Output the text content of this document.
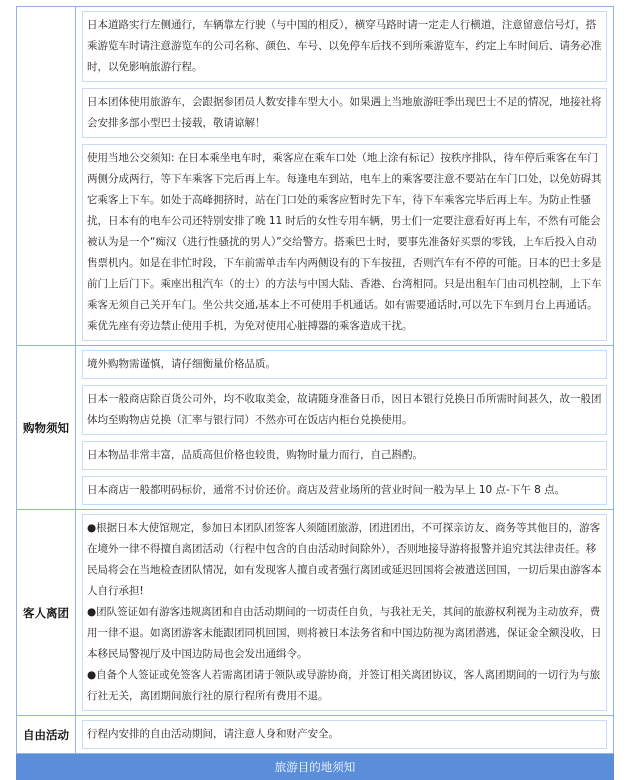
	日本道路实行左侧通行，车辆靠左行驶（与中国的相反），横穿马路时请一定走人行横道，注意留意信号灯，搭乘游览车时请注意游览车的公司名称、颜色、车号、以免停车后找不到所乘游览车，约定上车时间后、请务必准时，以免影响旅游行程。

日本团体使用旅游车，会跟据参团员人数安排车型大小。如果遇上当地旅游旺季出现巴士不足的情况，地接社将会安排多部小型巴士接载，敬请谅解！

使用当地公交须知: 在日本乘坐电车时，乘客应在乘车口处（地上涂有标记）按秩序排队，待车停后乘客在车门两侧分成两行，等下车乘客下完后再上车。每逢电车到站，电车上的乘客要注意不要站在车门口处，以免妨碍其它乘客上下车。如处于高峰拥挤时，站在门口处的乘客应暂时先下车，待下车乘客完毕后再上车。为防止性骚扰，日本有的电车公司还特别安排了晚 11 时后的女性专用车辆，男士们一定要注意看好再上车，不然有可能会被认为是一个“痴汉（进行性骚扰的男人）”交给警方。搭乘巴士时，要事先准备好买票的零钱，上车后投入自动售票机内。如是在非忙时段，下车前需单击车内两侧设有的下车按扭，否则汽车有不停的可能。日本的巴士多是前门上后门下。乘座出租汽车（的士）的方法与中国大陆、香港、台湾相同。只是出租车门由司机控制，上下车乘客无须自己关开车门。坐公共交通,基本上不可使用手机通话。如有需要通话时,可以先下车到月台上再通话。乘优先座有旁边禁止使用手机，为免对使用心脏搏器的乘客造成干扰。

购物须知	境外购物需谨慎，请仔细衡量价格品质。

日本一般商店除百货公司外，均不收取美金，故请随身准备日币，因日本银行兑换日币所需时间甚久，故一般团体均至购物店兑换（汇率与银行同）不然亦可在饭店内柜台兑换使用。

日本物品非常丰富，品质高但价格也较贵，购物时量力而行，自己斟酌。

日本商店一般都明码标价，通常不讨价还价。商店及营业场所的营业时间一般为早上 10 点-下午 8 点。

客人离团	●根据日本大使馆规定，参加日本团队团签客人须随团旅游，团进团出，不可探亲访友、商务等其他目的，游客在境外一律不得擅自离团活动（行程中包含的自由活动时间除外），否则地接导游将报警并追究其法律责任。移民局将会在当地检查团队情况，如有发现客人擅自或者强行离团或延迟回国将会被遣送回国，一切后果由游客本人自行承担!

●团队签证如有游客违规离团和自由活动期间的一切责任自负，与我社无关，其间的旅游权利视为主动放弃，费用一律不退。如离团游客未能跟团同机回国，则将被日本法务省和中国边防视为离团潜逃，保证金全额没收，日本移民局警视厅及中国边防局也会发出通缉令。

●自备个人签证或免签客人若需离团请于领队或导游协商，并签订相关离团协议，客人离团期间的一切行为与旅行社无关，离团期间旅行社的原行程所有费用不退。

自由活动	行程内安排的自由活动期间，请注意人身和财产安全。

旅游目的地须知
